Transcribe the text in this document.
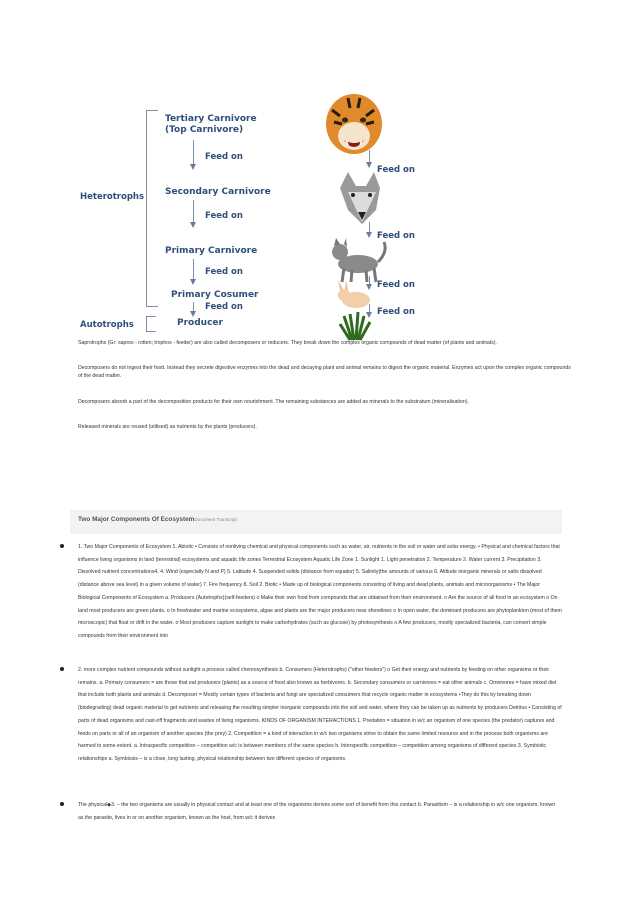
Heterotrophs
Autotrophs
Tertiary Carnivore
(Top Carnivore)
Feed on
Secondary Carnivore
Feed on
Primary Carnivore
Feed on
Primary Cosumer
Feed on
Producer
Feed on
Feed on
Feed on
Feed on
Saprotrophs (Gr: sapros - rotten; trophos - feeder) are also called decomposers or reducers. They break down the complex organic compounds of dead matter (of plants and animals).
Decomposers do not ingest their food. Instead they secrete digestive enzymes into the dead and decaying plant and animal remains to digest the organic material. Enzymes act upon the complex organic compounds of the dead matter.
Decomposers absorb a part of the decomposition products for their own nourishment. The remaining substances are added as minerals to the substratum (mineralisation).
Released minerals are reused (utilised) as nutrients by the plants (producers).
Two Major Components Of EcosystemDocument Transcript
1. Two Major Components of Ecosystem 1. Abiotic • Consists of nonliving chemical and physical components such as water, air, nutrients in the soil or water and solar energy. • Physical and chemical factors that influence living organisms in land (terrestrial) ecosystems and aquatic life zones Terrestrial Ecosystem Aquatic Life Zone 1. Sunlight 1. Light penetration 2. Temperature 2. Water current 3. Precipitation 3. Dissolved nutrient concentrations4. 4. Wind (especially N and P) 5. Latitude 4. Suspended solids (distance from equator) 5. Salinity(the amounts of various 6. Altitude inorganic minerals or salts dissolved (distance above sea level) in a given volume of water) 7. Fire frequency 8. Soil 2. Biotic • Made up of biological components consisting of living and dead plants, animals and microorganisms • The Major Biological Components of Ecosystem a. Producers (Autotrophs)(self-feeders) o Make their own food from compounds that are obtained from their environment. o Are the source of all food in an ecosystem o On land most producers are green plants. o In freshwater and marine ecosystems, algae and plants are the major producers near shorelines o In open water, the dominant producers are phytoplankton (most of them microscopic) that float or drift in the water. o Most producers capture sunlight to make carbohydrates (such as glucose) by photosynthesis o A few producers, mostly specialized bacteria, can convert simple compounds from their environment into
2. more complex nutrient compounds without sunlight a process called chemosynthesis b. Consumers (Heterotrophs) ("other feeders") o Get their energy and nutrients by feeding on other organisms or their remains. a. Primary consumers = are those that eat producers (plants) as a source of food also known as herbivores. b. Secondary consumers or carnivores = eat other animals c. Omnivores = have mixed diet that include both plants and animals d. Decomposer = Mostly certain types of bacteria and fungi are specialized consumers that recycle organic matter in ecosystems •They do this by breaking down (biodegrading) dead organic material to get nutrients and releasing the resulting simpler inorganic compounds into the soil and water, where they can be taken up as nutrients by producers Detritus • Consisting of parts of dead organisms and cast-off fragments and wastes of living organisms. KINDS OF ORGANISM INTERACTIONS 1. Predation = situation in w/c an organism of one species (the predator) captures and feeds on parts or all of an organism of another species (the prey) 2. Competition = a kind of interaction in w/c two organisms strive to obtain the same limited resource and in the process both organisms are harmed to some extent. a. Intraspecific competition – competition w/c is between members of the same species b. Interspecific competition – competition among organisms of different species 3. Symbiotic relationships a. Symbiosis – is a close, long lasting, physical relationship between two different species of organisms.
The physical◆3. – the two organisms are usually in physical contact and at least one of the organisms derives some sort of benefit from this contact b. Parasitism – is a relationship in w/c one organism, known as the parasite, lives in or on another organism, known as the host, from w/c it derives
